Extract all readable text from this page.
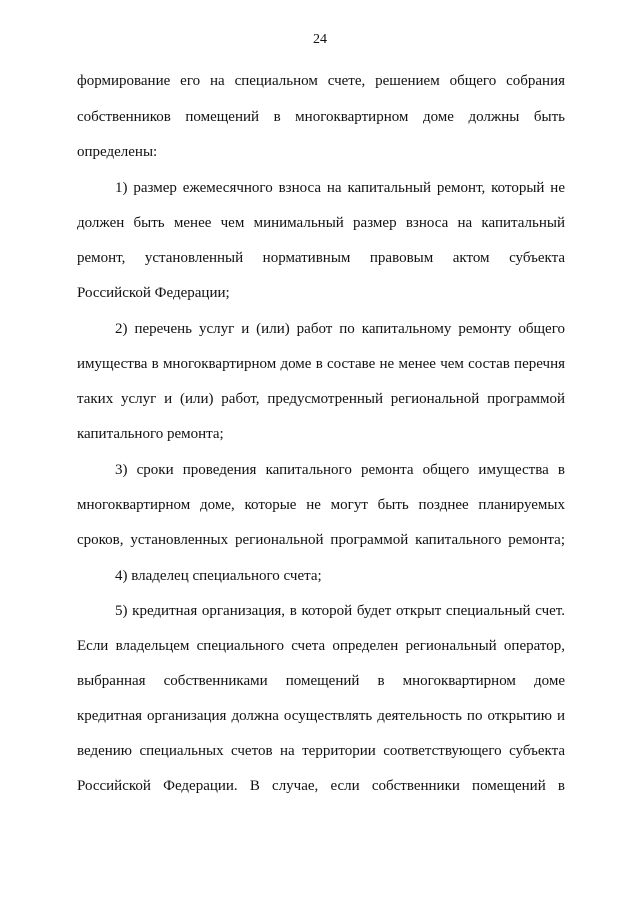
24
формирование его на специальном счете, решением общего собрания
собственников помещений в многоквартирном доме должны быть
определены:
1) размер ежемесячного взноса на капитальный ремонт, который не
должен быть менее чем минимальный размер взноса на капитальный
ремонт, установленный нормативным правовым актом субъекта
Российской Федерации;
2) перечень услуг и (или) работ по капитальному ремонту общего
имущества в многоквартирном доме в составе не менее чем состав перечня
таких услуг и (или) работ, предусмотренный региональной программой
капитального ремонта;
3) сроки проведения капитального ремонта общего имущества в
многоквартирном доме, которые не могут быть позднее планируемых
сроков, установленных региональной программой капитального ремонта;
4) владелец специального счета;
5) кредитная организация, в которой будет открыт специальный счет.
Если владельцем специального счета определен региональный оператор,
выбранная собственниками помещений в многоквартирном доме
кредитная организация должна осуществлять деятельность по открытию и
ведению специальных счетов на территории соответствующего субъекта
Российской Федерации. В случае, если собственники помещений в
